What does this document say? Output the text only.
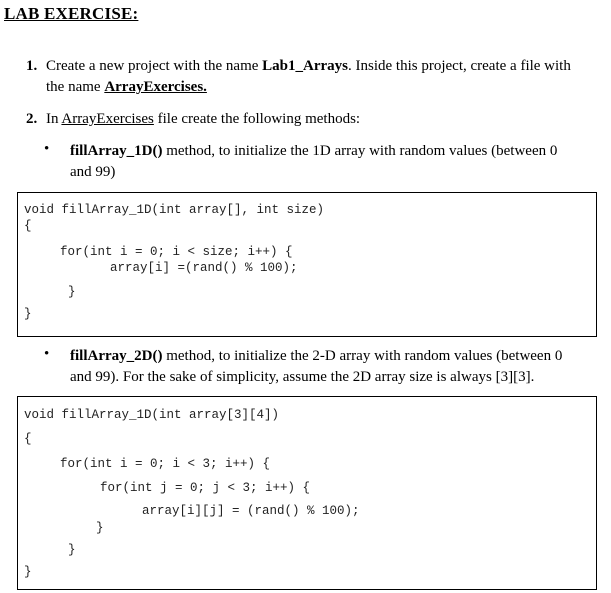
LAB EXERCISE:
1. Create a new project with the name Lab1_Arrays. Inside this project, create a file with
the name ArrayExercises.
2. In ArrayExercises file create the following methods:
• fillArray_1D() method, to initialize the 1D array with random values (between 0
and 99)
void fillArray_1D(int array[], int size)
{
for(int i = 0; i < size; i++) {
array[i] =(rand() % 100);
}
}
• fillArray_2D() method, to initialize the 2-D array with random values (between 0
and 99). For the sake of simplicity, assume the 2D array size is always [3][3].
void fillArray_1D(int array[3][4])
{
for(int i = 0; i < 3; i++) {
for(int j = 0; j < 3; i++) {
array[i][j] = (rand() % 100);
}
}
}
